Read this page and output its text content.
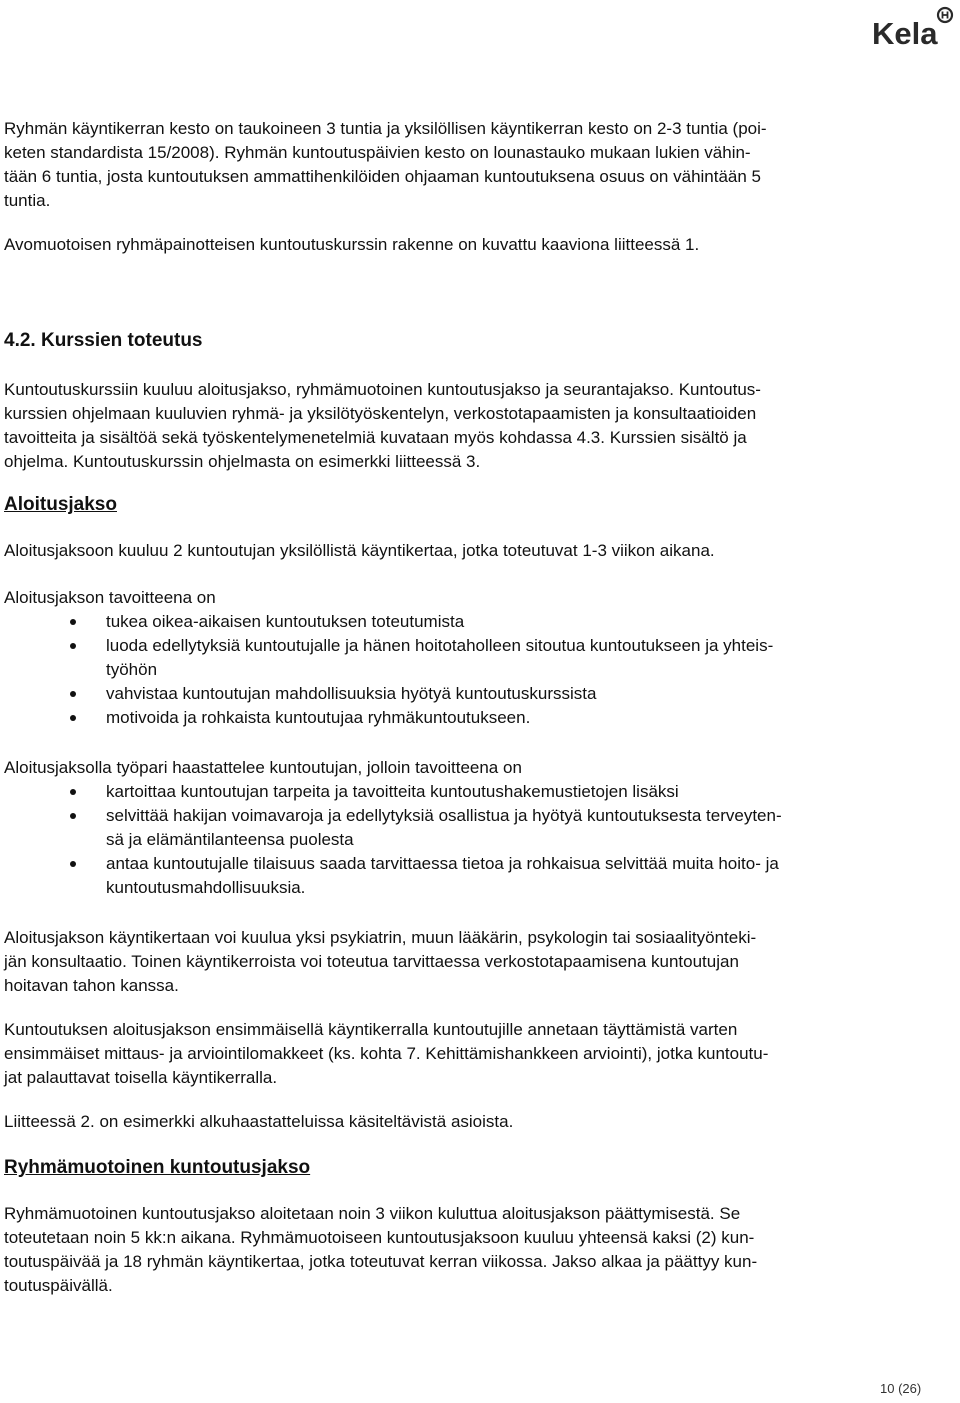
Kela

Ryhmän käyntikerran kesto on taukoineen 3 tuntia ja yksilöllisen käyntikerran kesto on 2-3 tuntia (poi-
keten standardista 15/2008). Ryhmän kuntoutuspäivien kesto on lounastauko mukaan lukien vähin-
tään 6 tuntia, josta kuntoutuksen ammattihenkilöiden ohjaaman kuntoutuksena osuus on vähintään 5
tuntia.

Avomuotoisen ryhmäpainotteisen kuntoutuskurssin rakenne on kuvattu kaaviona liitteessä 1.

4.2. Kurssien toteutus

Kuntoutuskurssiin kuuluu aloitusjakso, ryhmämuotoinen kuntoutusjakso ja seurantajakso. Kuntoutus-
kurssien ohjelmaan kuuluvien ryhmä- ja yksilötyöskentelyn, verkostotapaamisten ja konsultaatioiden
tavoitteita ja sisältöä sekä työskentelymenetelmiä kuvataan myös kohdassa 4.3. Kurssien sisältö ja
ohjelma. Kuntoutuskurssin ohjelmasta on esimerkki liitteessä 3.

Aloitusjakso

Aloitusjaksoon kuuluu 2 kuntoutujan yksilöllistä käyntikertaa, jotka toteutuvat 1-3 viikon aikana.

Aloitusjakson tavoitteena on

tukea oikea-aikaisen kuntoutuksen toteutumista
luoda edellytyksiä kuntoutujalle ja hänen hoitotaholleen sitoutua kuntoutukseen ja yhteis-
työhön
vahvistaa kuntoutujan mahdollisuuksia hyötyä kuntoutuskurssista
motivoida ja rohkaista kuntoutujaa ryhmäkuntoutukseen.

Aloitusjaksolla työpari haastattelee kuntoutujan, jolloin tavoitteena on

kartoittaa kuntoutujan tarpeita ja tavoitteita kuntoutushakemustietojen lisäksi
selvittää hakijan voimavaroja ja edellytyksiä osallistua ja hyötyä kuntoutuksesta terveyten-
sä ja elämäntilanteensa puolesta
antaa kuntoutujalle tilaisuus saada tarvittaessa tietoa ja rohkaisua selvittää muita hoito- ja
kuntoutusmahdollisuuksia.

Aloitusjakson käyntikertaan voi kuulua yksi psykiatrin, muun lääkärin, psykologin tai sosiaalityöntеki-
jän konsultaatio. Toinen käyntikerroista voi toteutua tarvittaessa verkostotapaamisena kuntoutujan
hoitavan tahon kanssa.

Kuntoutuksen aloitusjakson ensimmäisellä käyntikerralla kuntoutujille annetaan täyttämistä varten
ensimmäiset mittaus- ja arviointilomakkeet (ks. kohta 7. Kehittämishankkeen arviointi), jotka kuntoutu-
jat palauttavat toisella käyntikerralla.

Liitteessä 2. on esimerkki alkuhaastatteluissa käsiteltävistä asioista.

Ryhmämuotoinen kuntoutusjakso

Ryhmämuotoinen kuntoutusjakso aloitetaan noin 3 viikon kuluttua aloitusjakson päättymisestä. Se
toteutetaan noin 5 kk:n aikana. Ryhmämuotoiseen kuntoutusjaksoon kuuluu yhteensä kaksi (2) kun-
toutuspäivää ja 18 ryhmän käyntikertaa, jotka toteutuvat kerran viikossa. Jakso alkaa ja päättyy kun-
toutuspäivällä.

10 (26)
